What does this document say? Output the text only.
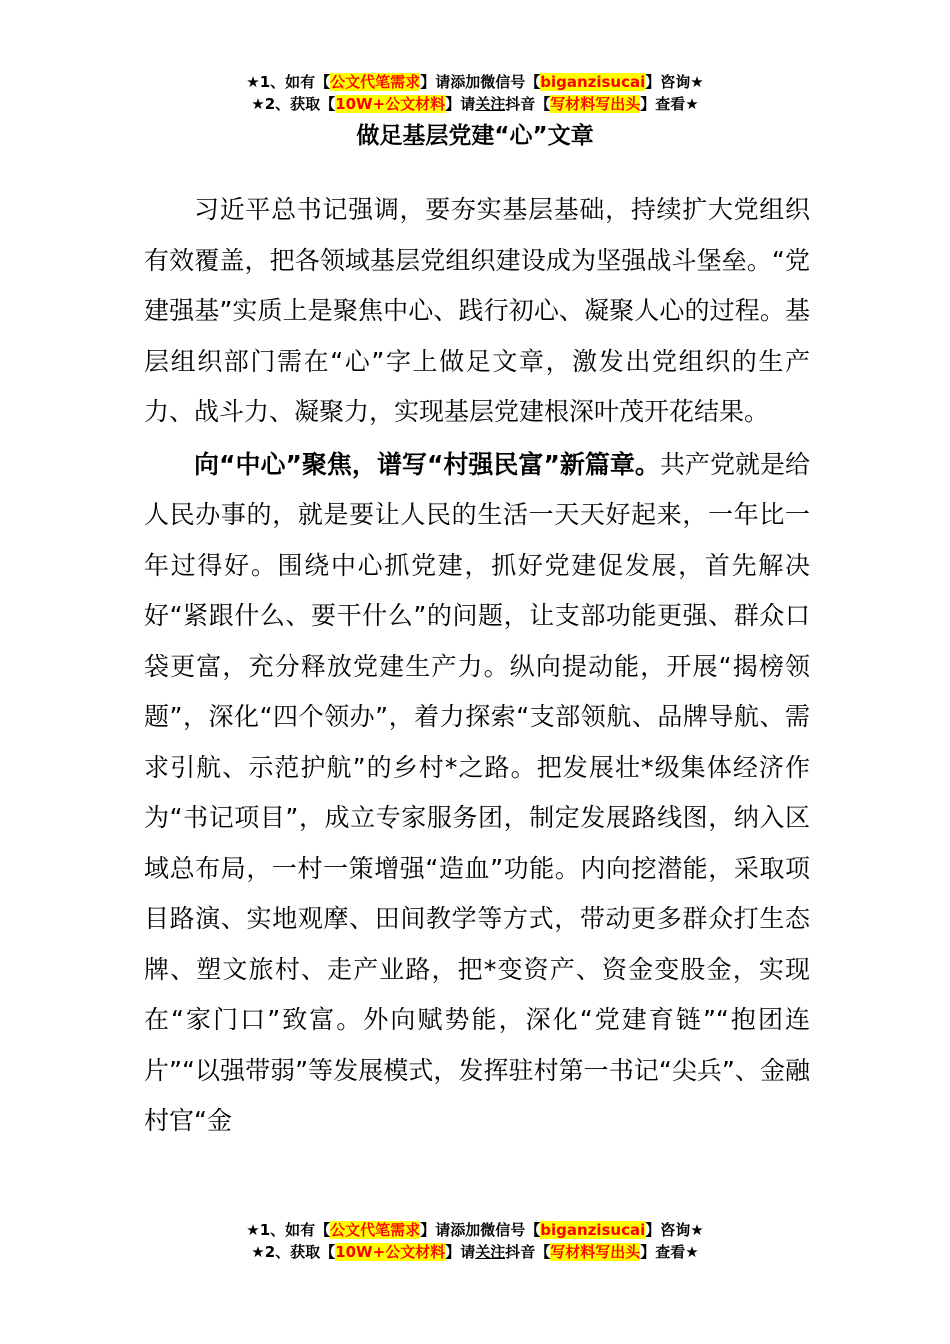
★1、如有【公文代笔需求】请添加微信号【biganzisucai】咨询★
★2、获取【10W+公文材料】请关注抖音【写材料写出头】查看★
做足基层党建“心”文章

习近平总书记强调，要夯实基层基础，持续扩大党组织有效覆盖，把各领域基层党组织建设成为坚强战斗堡垒。“党建强基”实质上是聚焦中心、践行初心、凝聚人心的过程。基层组织部门需在“心”字上做足文章，激发出党组织的生产力、战斗力、凝聚力，实现基层党建根深叶茂开花结果。

向“中心”聚焦，谱写“村强民富”新篇章。共产党就是给人民办事的，就是要让人民的生活一天天好起来，一年比一年过得好。围绕中心抓党建，抓好党建促发展，首先解决好“紧跟什么、要干什么”的问题，让支部功能更强、群众口袋更富，充分释放党建生产力。纵向提动能，开展“揭榜领题”，深化“四个领办”，着力探索“支部领航、品牌导航、需求引航、示范护航”的乡村*之路。把发展壮*级集体经济作为“书记项目”，成立专家服务团，制定发展路线图，纳入区域总布局，一村一策增强“造血”功能。内向挖潜能，采取项目路演、实地观摩、田间教学等方式，带动更多群众打生态牌、塑文旅村、走产业路，把*变资产、资金变股金，实现在“家门口”致富。外向赋势能，深化“党建育链”“抱团连片”“以强带弱”等发展模式，发挥驻村第一书记“尖兵”、金融村官“金

★1、如有【公文代笔需求】请添加微信号【biganzisucai】咨询★
★2、获取【10W+公文材料】请关注抖音【写材料写出头】查看★
